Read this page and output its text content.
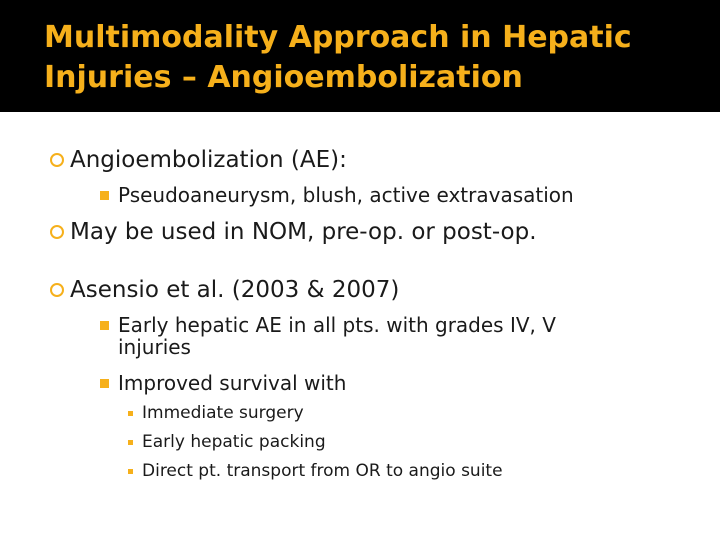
Multimodality Approach in Hepatic Injuries – Angioembolization
Angioembolization (AE):
Pseudoaneurysm, blush, active extravasation
May be used in NOM, pre-op. or post-op.
Asensio et al. (2003 & 2007)
Early hepatic AE in all pts. with grades IV, V injuries
Improved survival with
Immediate surgery
Early hepatic packing
Direct pt. transport from OR to angio suite
